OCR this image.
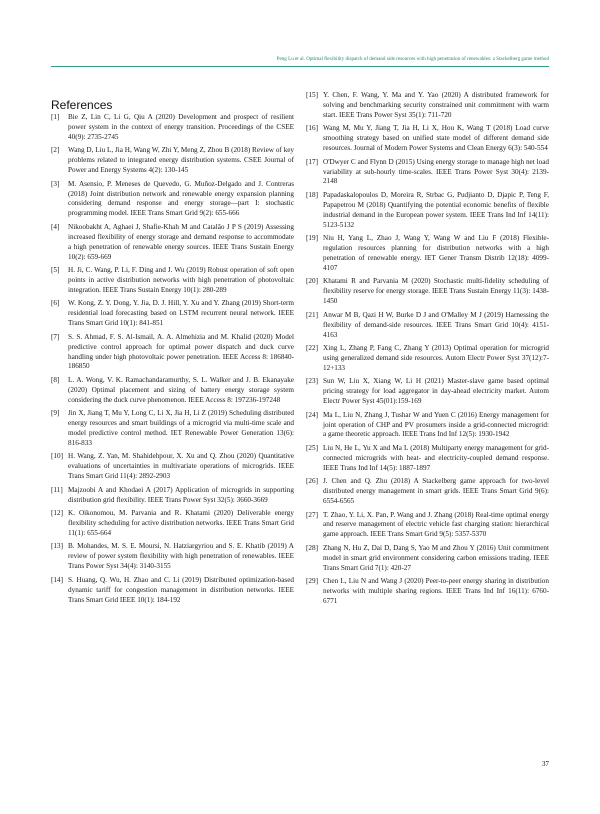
Peng Lu et al. Optimal flexibility dispatch of demand side resources with high penetration of renewables: a Stackelberg game method
References
[1]	Bie Z, Lin C, Li G, Qiu A (2020) Development and prospect of resilient power system in the context of energy transition. Proceedings of the CSEE 40(9): 2735-2745
[2]	Wang D, Liu L, Jia H, Wang W, Zhi Y, Meng Z, Zhou B (2018) Review of key problems related to integrated energy distribution systems. CSEE Journal of Power and Energy Systems 4(2): 130-145
[3]	M. Asensio, P. Meneses de Quevedo, G. Muñoz-Delgado and J. Contreras (2018) Joint distribution network and renewable energy expansion planning considering demand response and energy storage—part I: stochastic programming model. IEEE Trans Smart Grid 9(2): 655-666
[4]	Nikoobakht A, Aghaei J, Shafie-Khah M and Catalão J P S (2019) Assessing increased flexibility of energy storage and demand response to accommodate a high penetration of renewable energy sources. IEEE Trans Sustain Energy 10(2): 659-669
[5]	H. Ji, C. Wang, P. Li, F. Ding and J. Wu (2019) Robust operation of soft open points in active distribution networks with high penetration of photovoltaic integration. IEEE Trans Sustain Energy 10(1): 280-289
[6]	W. Kong, Z. Y. Dong, Y. Jia, D. J. Hill, Y. Xu and Y. Zhang (2019) Short-term residential load forecasting based on LSTM recurrent neural network. IEEE Trans Smart Grid 10(1): 841-851
[7]	S. S. Ahmad, F. S. Al-Ismail, A. A. Almehizia and M. Khalid (2020) Model predictive control approach for optimal power dispatch and duck curve handling under high photovoltaic power penetration. IEEE Access 8: 186840-186850
[8]	L. A. Wong, V. K. Ramachandaramurthy, S. L. Walker and J. B. Ekanayake (2020) Optimal placement and sizing of battery energy storage system considering the duck curve phenomenon. IEEE Access 8: 197236-197248
[9]	Jin X, Jiang T, Mu Y, Long C, Li X, Jia H, Li Z (2019) Scheduling distributed energy resources and smart buildings of a microgrid via multi-time scale and model predictive control method. IET Renewable Power Generation 13(6): 816-833
[10] H. Wang, Z. Yan, M. Shahidehpour, X. Xu and Q. Zhou (2020) Quantitative evaluations of uncertainties in multivariate operations of microgrids. IEEE Trans Smart Grid 11(4): 2892-2903
[11] Majzoobi A and Khodaei A (2017) Application of microgrids in supporting distribution grid flexibility. IEEE Trans Power Syst 32(5): 3660-3669
[12] K. Oikonomou, M. Parvania and R. Khatami (2020) Deliverable energy flexibility scheduling for active distribution networks. IEEE Trans Smart Grid 11(1): 655-664
[13] B. Mohandes, M. S. E. Moursi, N. Hatziargyriou and S. E. Khatib (2019) A review of power system flexibility with high penetration of renewables. IEEE Trans Power Syst 34(4): 3140-3155
[14] S. Huang, Q. Wu, H. Zhao and C. Li (2019) Distributed optimization-based dynamic tariff for congestion management in distribution networks. IEEE Trans Smart Grid IEEE 10(1): 184-192
[15] Y. Chen, F. Wang, Y. Ma and Y. Yao (2020) A distributed framework for solving and benchmarking security constrained unit commitment with warm start. IEEE Trans Power Syst 35(1): 711-720
[16] Wang M, Mu Y, Jiang T, Jia H, Li X, Hou K, Wang T (2018) Load curve smoothing strategy based on unified state model of different demand side resources. Journal of Modern Power Systems and Clean Energy 6(3): 540-554
[17] O'Dwyer C and Flynn D (2015) Using energy storage to manage high net load variability at sub-hourly time-scales. IEEE Trans Power Syst 30(4): 2139-2148
[18] Papadaskalopoulos D, Moreira R, Strbac G, Pudjianto D, Djapic P, Teng F, Papapetrou M (2018) Quantifying the potential economic benefits of flexible industrial demand in the European power system. IEEE Trans Ind Inf 14(11): 5123-5132
[19] Niu H, Yang L, Zhao J, Wang Y, Wang W and Liu F (2018) Flexible-regulation resources planning for distribution networks with a high penetration of renewable energy. IET Gener Transm Distrib 12(18): 4099-4107
[20] Khatami R and Parvania M (2020) Stochastic multi-fidelity scheduling of flexibility reserve for energy storage. IEEE Trans Sustain Energy 11(3): 1438-1450
[21] Anwar M B, Qazi H W, Burke D J and O'Malley M J (2019) Harnessing the flexibility of demand-side resources. IEEE Trans Smart Grid 10(4): 4151-4163
[22] Xing L, Zhang P, Fang C, Zhang Y (2013) Optimal operation for microgrid using generalized demand side resources. Autom Electr Power Syst 37(12):7-12+133
[23] Sun W, Liu X, Xiang W, Li H (2021) Master-slave game based optimal pricing strategy for load aggregator in day-ahead electricity market. Autom Electr Power Syst 45(01):159-169
[24] Ma L, Liu N, Zhang J, Tushar W and Yuen C (2016) Energy management for joint operation of CHP and PV prosumers inside a grid-connected microgrid: a game theoretic approach. IEEE Trans Ind Inf 12(5): 1930-1942
[25] Liu N, He L, Yu X and Ma L (2018) Multiparty energy management for grid-connected microgrids with heat- and electricity-coupled demand response. IEEE Trans Ind Inf 14(5): 1887-1897
[26] J. Chen and Q. Zhu (2018) A Stackelberg game approach for two-level distributed energy management in smart grids. IEEE Trans Smart Grid 9(6): 6554-6565
[27] T. Zhao, Y. Li, X. Pan, P. Wang and J. Zhang (2018) Real-time optimal energy and reserve management of electric vehicle fast charging station: hierarchical game approach. IEEE Trans Smart Grid 9(5): 5357-5370
[28] Zhang N, Hu Z, Dai D, Dang S, Yao M and Zhou Y (2016) Unit commitment model in smart grid environment considering carbon emissions trading. IEEE Trans Smart Grid 7(1): 420-27
[29] Chen L, Liu N and Wang J (2020) Peer-to-peer energy sharing in distribution networks with multiple sharing regions. IEEE Trans Ind Inf 16(11): 6760-6771
37
